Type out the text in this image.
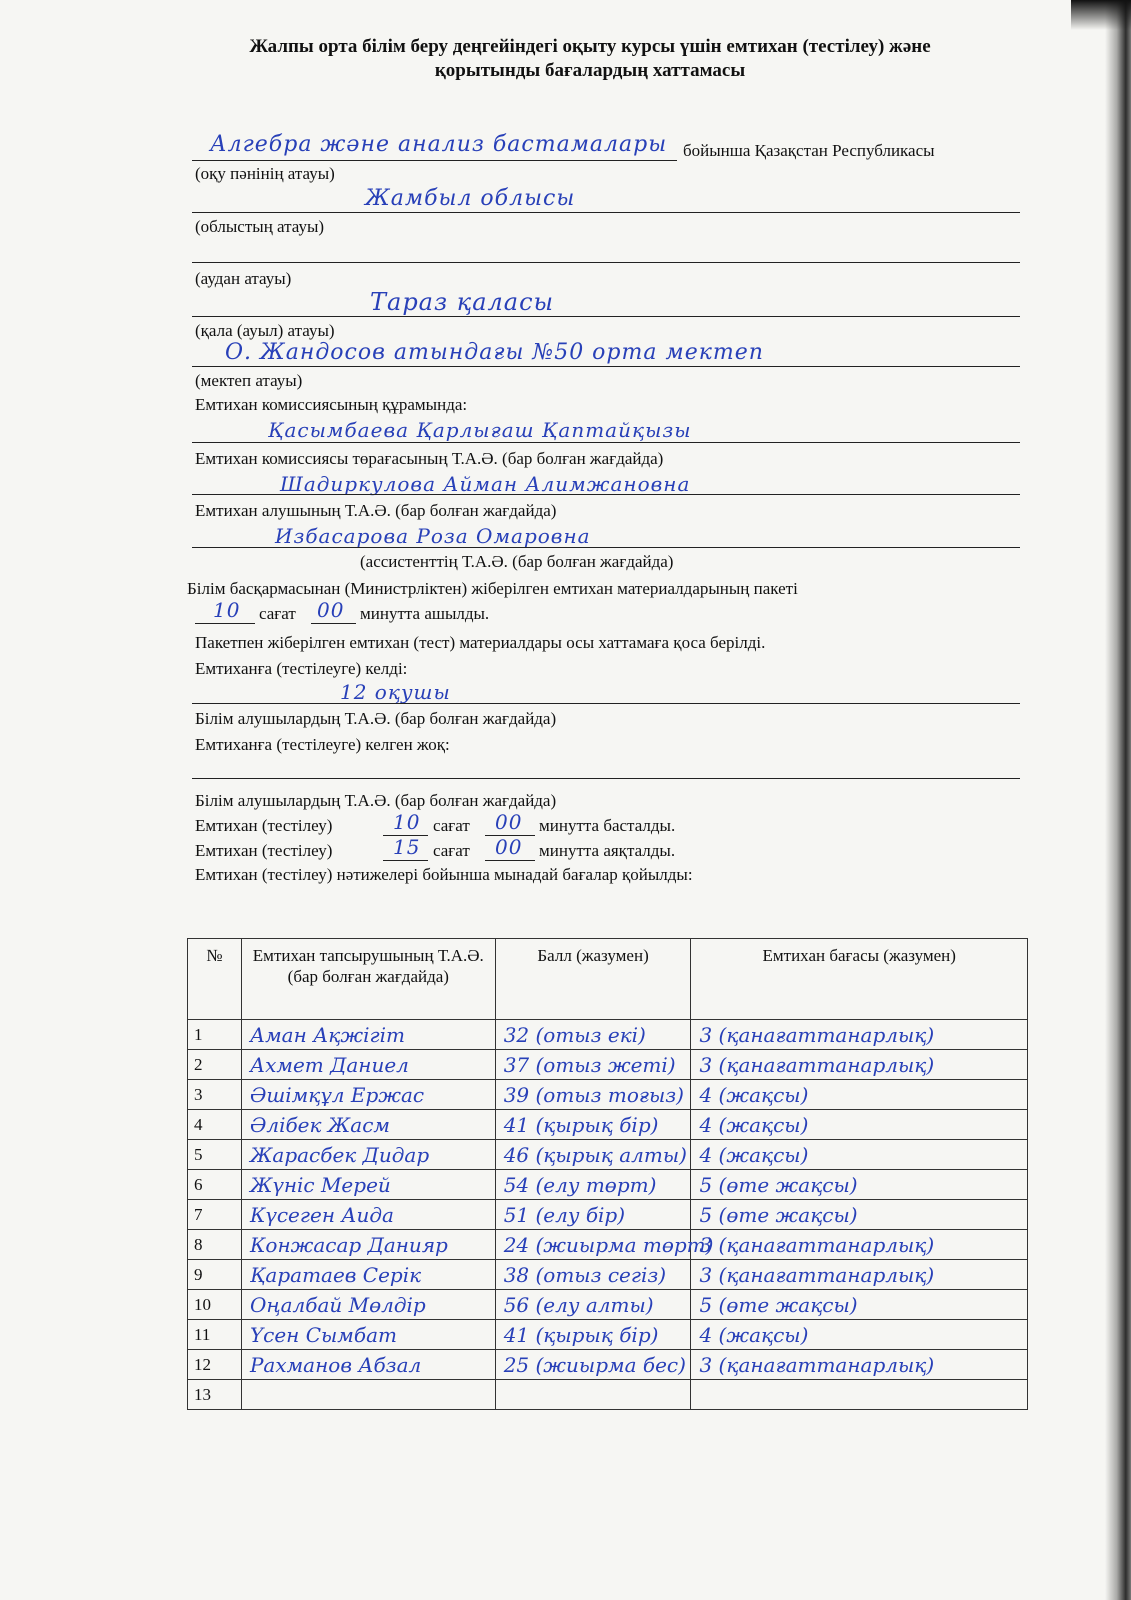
Жалпы орта білім беру деңгейіндегі оқыту курсы үшін емтихан (тестілеу) және
қорытынды бағалардың хаттамасы
Алгебра және анализ бастамалары бойынша Қазақстан Республикасы
(оқу пәнінің атауы)
Жамбыл облысы
(облыстың атауы)
(аудан атауы)
Тараз қаласы
(қала (ауыл) атауы)
О. Жандосов атындағы №50 орта мектеп
(мектеп атауы)
Емтихан комиссиясының құрамында:
Қасымбаева Қарлығаш Қаптайқызы
Емтихан комиссиясы төрағасының Т.А.Ә. (бар болған жағдайда)
Шадиркулова Айман Алимжановна
Емтихан алушының Т.А.Ә. (бар болған жағдайда)
Избасарова Роза Омаровна
(ассистенттің Т.А.Ә. (бар болған жағдайда)
Білім басқармасынан (Министрліктен) жіберілген емтихан материалдарының пакеті
10 сағат 00 минутта ашылды.
Пакетпен жіберілген емтихан (тест) материалдары осы хаттамаға қоса берілді.
Емтиханға (тестілеуге) келді:
12 оқушы
Білім алушылардың Т.А.Ә. (бар болған жағдайда)
Емтиханға (тестілеуге) келген жоқ:
Білім алушылардың Т.А.Ә. (бар болған жағдайда)
Емтихан (тестілеу)	10 сағат 00 минутта басталды.
Емтихан (тестілеу)	15 сағат 00 минутта аяқталды.
Емтихан (тестілеу) нәтижелері бойынша мынадай бағалар қойылды:
№	Емтихан тапсырушының Т.А.Ә. (бар болған жағдайда)	Балл (жазумен)	Емтихан бағасы (жазумен)
1	Аман Ақжігіт	32 (отыз екі)	3 (қанағаттанарлық)

2	Ахмет Даниел	37 (отыз жеті)	3 (қанағаттанарлық)

3	Әшімқұл Ержас	39 (отыз тоғыз)	4 (жақсы)

4	Әлібек Жасм	41 (қырық бір)	4 (жақсы)

5	Жарасбек Дидар	46 (қырық алты)	4 (жақсы)

6	Жүніс Мерей	54 (елу төрт)	5 (өте жақсы)

7	Күсеген Аида	51 (елу бір)	5 (өте жақсы)

8	Конжасар Данияр	24 (жиырма төрт)	3 (қанағаттанарлық)

9	Қаратаев Серік	38 (отыз сегіз)	3 (қанағаттанарлық)

10	Оңалбай Мөлдір	56 (елу алты)	5 (өте жақсы)

11	Үсен Сымбат	41 (қырық бір)	4 (жақсы)

12	Рахманов Абзал	25 (жиырма бес)	3 (қанағаттанарлық)

13	
